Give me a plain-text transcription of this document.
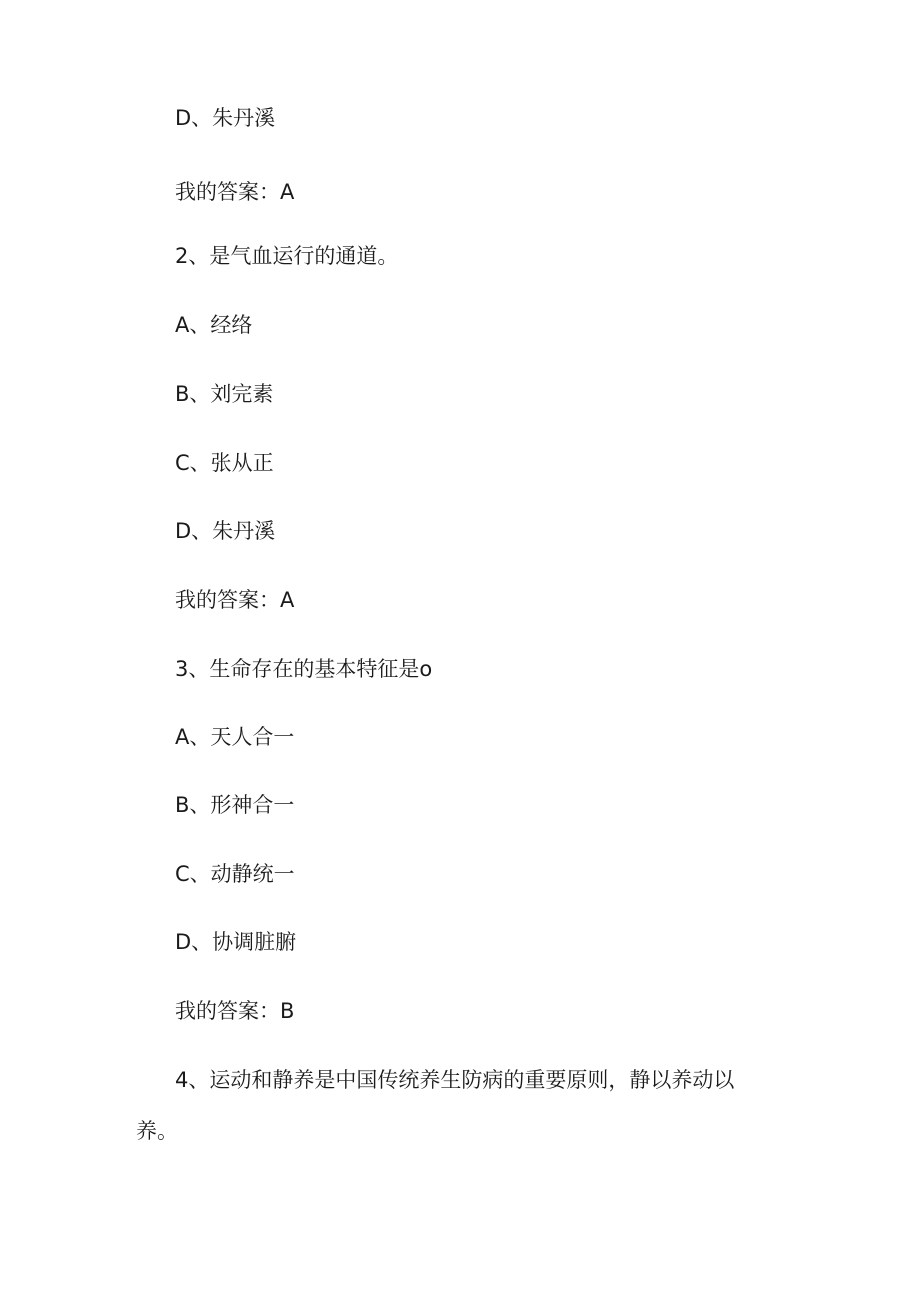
D、朱丹溪
我的答案：A
2、是气血运行的通道。
A、经络
B、刘完素
C、张从正
D、朱丹溪
我的答案：A
3、生命存在的基本特征是o
A、天人合一
B、形神合一
C、动静统一
D、协调脏腑
我的答案：B
4、运动和静养是中国传统养生防病的重要原则，静以养动以
养。
